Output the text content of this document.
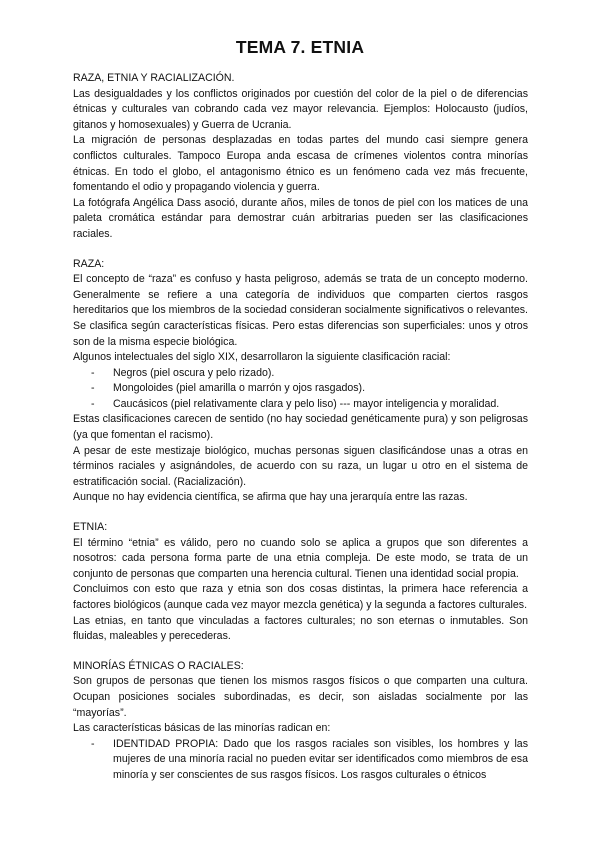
TEMA 7. ETNIA

RAZA, ETNIA Y RACIALIZACIÓN.

Las desigualdades y los conflictos originados por cuestión del color de la piel o de diferencias étnicas y culturales van cobrando cada vez mayor relevancia. Ejemplos: Holocausto (judíos, gitanos y homosexuales) y Guerra de Ucrania.

La migración de personas desplazadas en todas partes del mundo casi siempre genera conflictos culturales. Tampoco Europa anda escasa de crímenes violentos contra minorías étnicas. En todo el globo, el antagonismo étnico es un fenómeno cada vez más frecuente, fomentando el odio y propagando violencia y guerra.

La fotógrafa Angélica Dass asoció, durante años, miles de tonos de piel con los matices de una paleta cromática estándar para demostrar cuán arbitrarias pueden ser las clasificaciones raciales.

RAZA:

El concepto de “raza” es confuso y hasta peligroso, además se trata de un concepto moderno. Generalmente se refiere a una categoría de individuos que comparten ciertos rasgos hereditarios que los miembros de la sociedad consideran socialmente significativos o relevantes. Se clasifica según características físicas. Pero estas diferencias son superficiales: unos y otros son de la misma especie biológica.

Algunos intelectuales del siglo XIX, desarrollaron la siguiente clasificación racial:

- Negros (piel oscura y pelo rizado).
- Mongoloides (piel amarilla o marrón y ojos rasgados).
- Caucásicos (piel relativamente clara y pelo liso) --- mayor inteligencia y moralidad.

Estas clasificaciones carecen de sentido (no hay sociedad genéticamente pura) y son peligrosas (ya que fomentan el racismo).

A pesar de este mestizaje biológico, muchas personas siguen clasificándose unas a otras en términos raciales y asignándoles, de acuerdo con su raza, un lugar u otro en el sistema de estratificación social. (Racialización).

Aunque no hay evidencia científica, se afirma que hay una jerarquía entre las razas.

ETNIA:

El término “etnia” es válido, pero no cuando solo se aplica a grupos que son diferentes a nosotros: cada persona forma parte de una etnia compleja. De este modo, se trata de un conjunto de personas que comparten una herencia cultural. Tienen una identidad social propia.

Concluimos con esto que raza y etnia son dos cosas distintas, la primera hace referencia a factores biológicos (aunque cada vez mayor mezcla genética) y la segunda a factores culturales.

Las etnias, en tanto que vinculadas a factores culturales; no son eternas o inmutables. Son fluidas, maleables y perecederas.

MINORÍAS ÉTNICAS O RACIALES:

Son grupos de personas que tienen los mismos rasgos físicos o que comparten una cultura. Ocupan posiciones sociales subordinadas, es decir, son aisladas socialmente por las “mayorías”.

Las características básicas de las minorías radican en:

- IDENTIDAD PROPIA: Dado que los rasgos raciales son visibles, los hombres y las mujeres de una minoría racial no pueden evitar ser identificados como miembros de esa minoría y ser conscientes de sus rasgos físicos. Los rasgos culturales o étnicos
